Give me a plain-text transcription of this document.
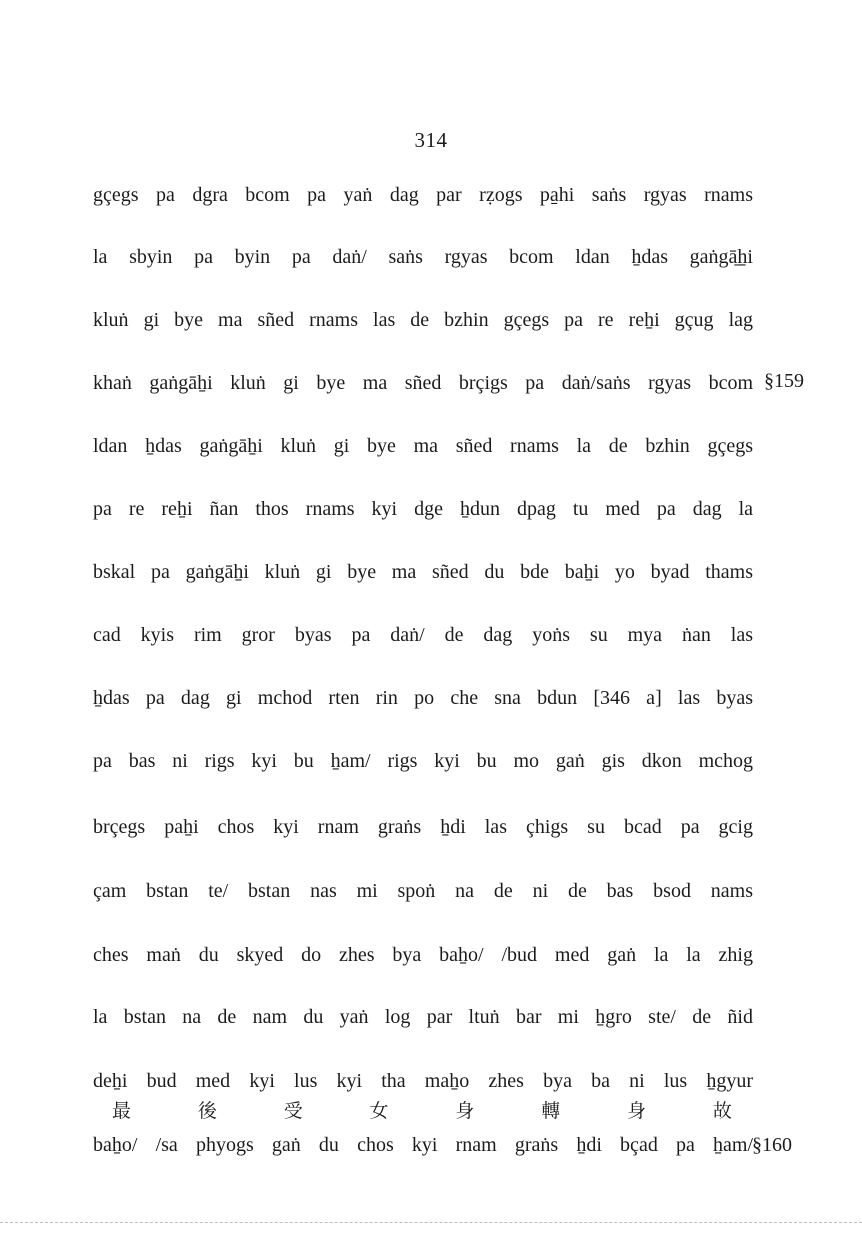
314
gçegs pa dgra bcom pa yaṅ dag par rẓogs pa̱hi saṅs rgyas rnams
la sbyin pa byin pa daṅ/ saṅs rgyas bcom ldan ẖdas gaṅgā̱ẖi
kluṅ gi bye ma sñed rnams las de bzhin gçegs pa re reẖi gçug lag
khaṅ gaṅgāẖi kluṅ gi bye ma sñed brçigs pa daṅ/saṅs rgyas bcom §159
ldan ẖdas gaṅgāẖi kluṅ gi bye ma sñed rnams la de bzhin gçegs
pa re reẖi ñan thos rnams kyi dge ẖdun dpag tu med pa dag la
bskal pa gaṅgāẖi kluṅ gi bye ma sñed du bde baẖi yo byad thams
cad kyis rim gror byas pa daṅ/ de dag yoṅs su mya ṅan las
ẖdas pa dag gi mchod rten rin po che sna bdun [346 a] las byas
pa bas ni rigs kyi bu ẖam/ rigs kyi bu mo gaṅ gis dkon mchog
brçegs paẖi chos kyi rnam graṅs ẖdi las çhigs su bcad pa gcig
çam bstan te/ bstan nas mi spoṅ na de ni de bas bsod nams
ches maṅ du skyed do zhes bya baẖo/ /bud med gaṅ la la zhig
la bstan na de nam du yaṅ log par ltuṅ bar mi ẖgro ste/ de ñid
deẖi bud med kyi lus kyi tha maẖo zhes bya ba ni lus ẖgyur
最	後	受	女	身	轉	身	故
baẖo/ /sa phyogs gaṅ du chos kyi rnam graṅs ẖdi bçad pa ẖam/ §160
